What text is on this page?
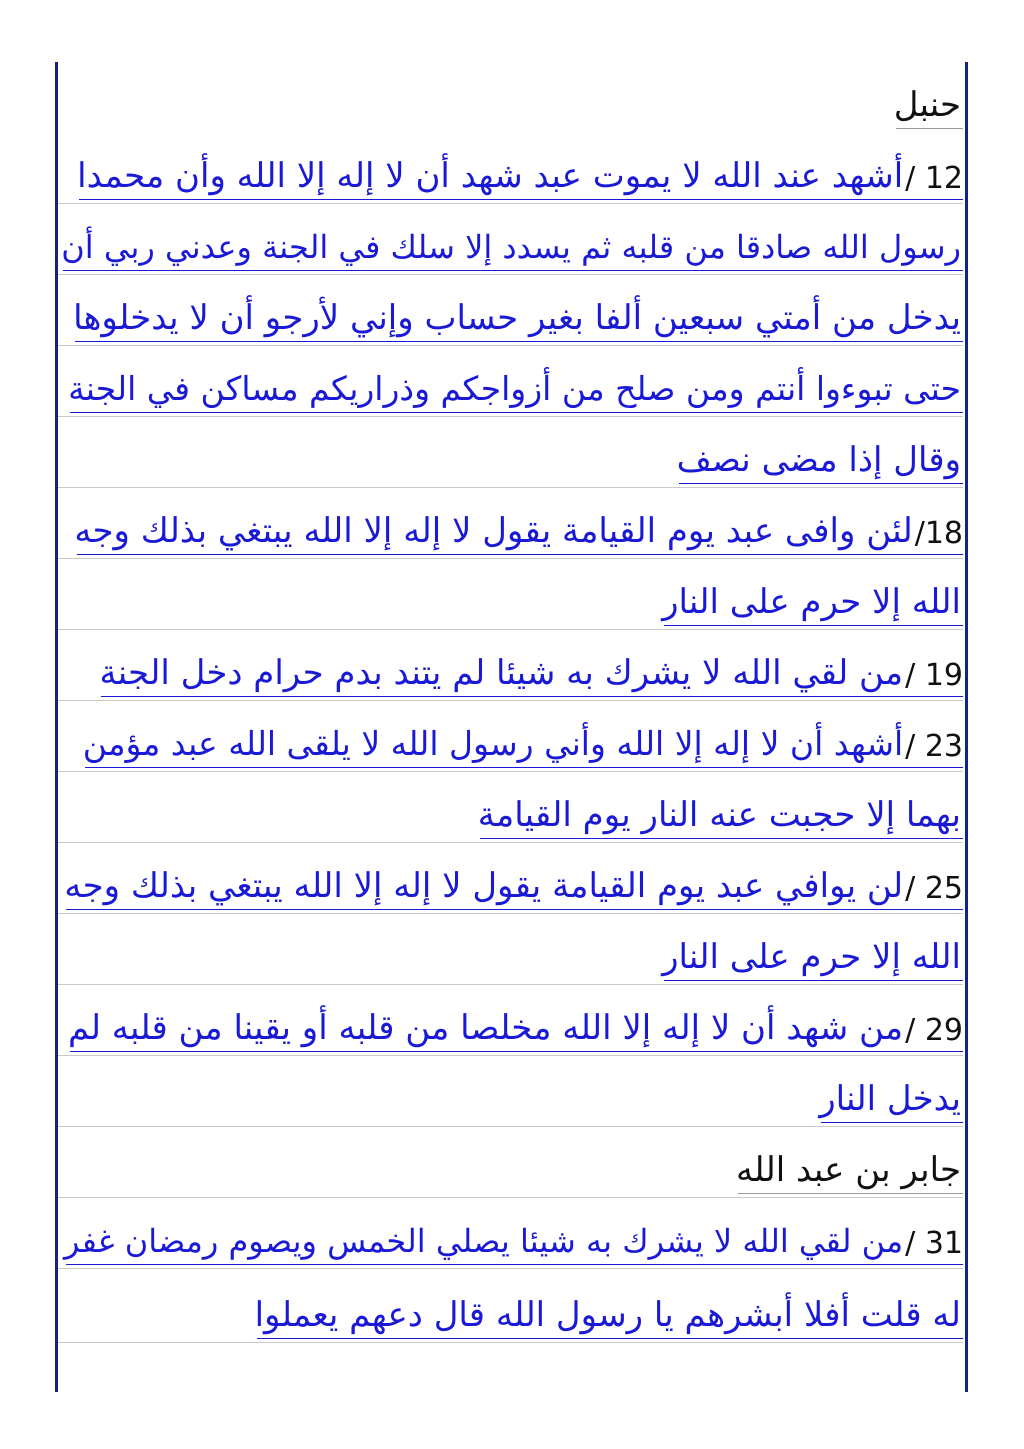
حنبل
12 /
أشهد عند الله لا يموت عبد شهد أن لا إله إلا الله وأن محمدا
رسول الله صادقا من قلبه ثم يسدد إلا سلك في الجنة وعدني ربي أن
يدخل من أمتي سبعين ألفا بغير حساب وإني لأرجو أن لا يدخلوها
حتى تبوءوا أنتم ومن صلح من أزواجكم وذراريكم مساكن في الجنة
وقال إذا مضى نصف
18/
لئن وافى عبد يوم القيامة يقول لا إله إلا الله يبتغي بذلك وجه
الله إلا حرم على النار
19 /
من لقي الله لا يشرك به شيئا لم يتند بدم حرام دخل الجنة
23 /
أشهد أن لا إله إلا الله وأني رسول الله لا يلقى الله عبد مؤمن
بهما إلا حجبت عنه النار يوم القيامة
25 /
لن يوافي عبد يوم القيامة يقول لا إله إلا الله يبتغي بذلك وجه
الله إلا حرم على النار
29 /
من شهد أن لا إله إلا الله مخلصا من قلبه أو يقينا من قلبه لم
يدخل النار
جابر بن عبد الله
31 /
من لقي الله لا يشرك به شيئا يصلي الخمس ويصوم رمضان غفر
له قلت أفلا أبشرهم يا رسول الله قال دعهم يعملوا
